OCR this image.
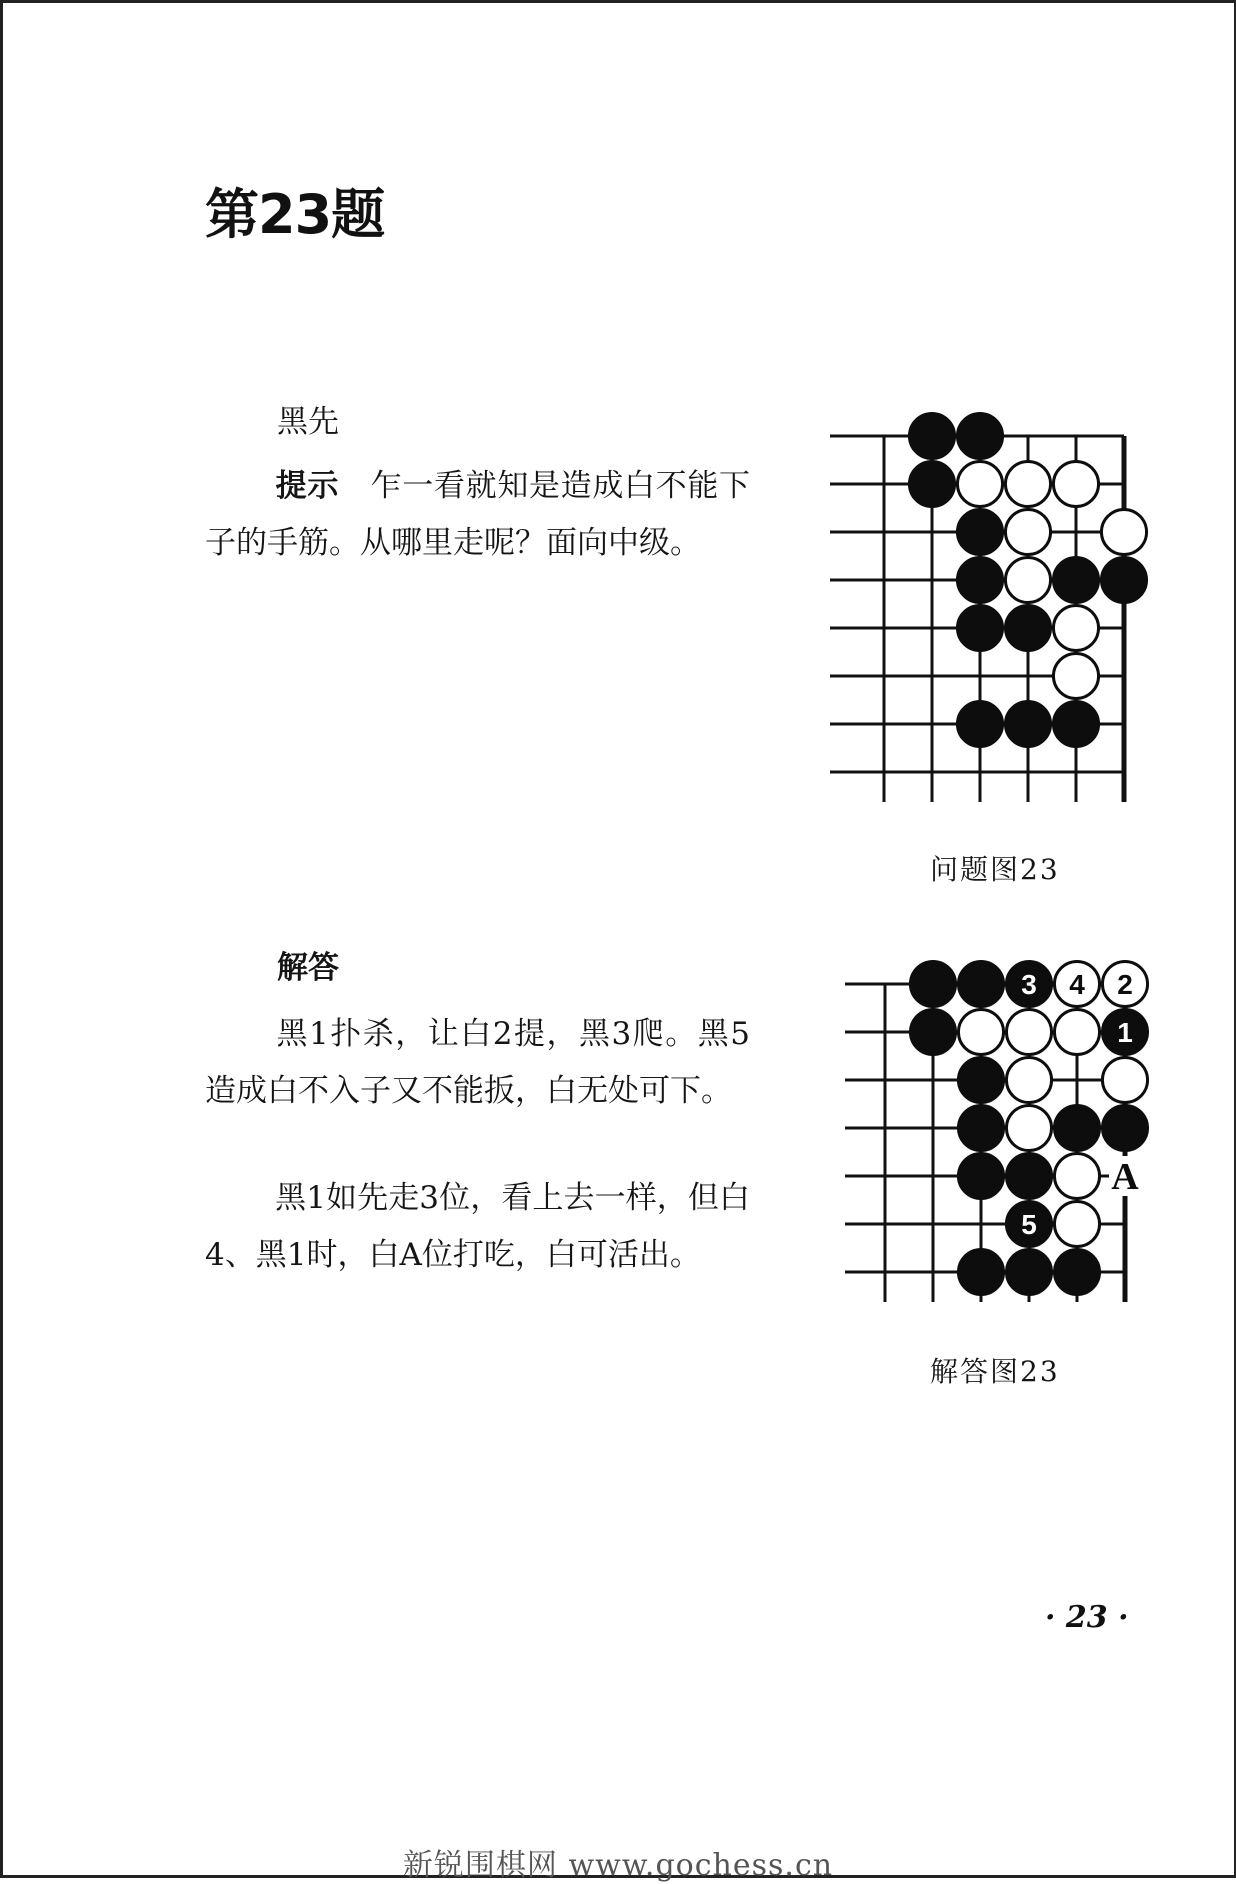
第23题
黑先

提示 乍一看就知是造成白不能下子的手筋。从哪里走呢？面向中级。

问题图23
解答

黑1扑杀，让白2提，黑3爬。黑5造成白不入子又不能扳，白无处可下。

黑1如先走3位，看上去一样，但白4、黑1时，白A位打吃，白可活出。

3 4 2
1
5
A
解答图23
· 23 ·
新锐围棋网 www.gochess.cn
